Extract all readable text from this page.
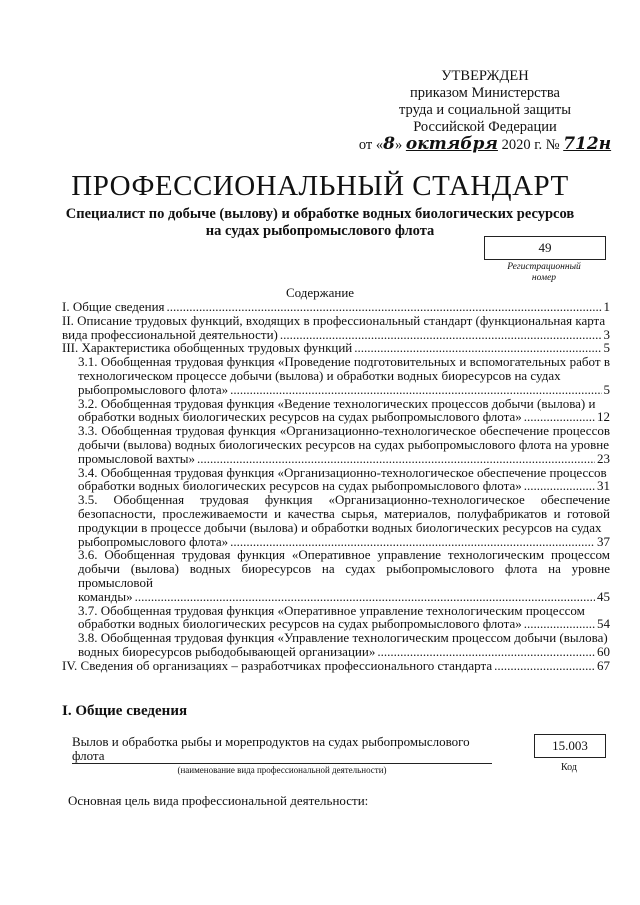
УТВЕРЖДЕН
приказом Министерства
труда и социальной защиты
Российской Федерации
от «8» октября 2020 г. № 712н
ПРОФЕССИОНАЛЬНЫЙ СТАНДАРТ
Специалист по добыче (вылову) и обработке водных биологических ресурсов
на судах рыбопромыслового флота
49
Регистрационный
номер
Содержание
I. Общие сведения .....	1
II. Описание трудовых функций, входящих в профессиональный стандарт (функциональная карта
вида профессиональной деятельности) .....	3
III. Характеристика обобщенных трудовых функций .....	5
3.1. Обобщенная трудовая функция «Проведение подготовительных и вспомогательных работ в технологическом процессе добычи (вылова) и обработки водных биоресурсов на судах
рыбопромыслового флота» .....	5
3.2. Обобщенная трудовая функция «Ведение технологических процессов добычи (вылова) и
обработки водных биологических ресурсов на судах рыбопромыслового флота» .....	12
3.3. Обобщенная трудовая функция «Организационно-технологическое обеспечение процессов добычи (вылова) водных биологических ресурсов на судах рыбопромыслового флота на уровне
промысловой вахты» .....	23
3.4. Обобщенная трудовая функция «Организационно-технологическое обеспечение процессов
обработки водных биологических ресурсов на судах рыбопромыслового флота» .....	31
3.5. Обобщенная трудовая функция «Организационно-технологическое обеспечение безопасности, прослеживаемости и качества сырья, материалов, полуфабрикатов и готовой продукции в процессе добычи (вылова) и обработки водных биологических ресурсов на судах
рыбопромыслового флота» .....	37
3.6. Обобщенная трудовая функция «Оперативное управление технологическим процессом добычи (вылова) водных биоресурсов на судах рыбопромыслового флота на уровне промысловой
команды» .....	45
3.7. Обобщенная трудовая функция «Оперативное управление технологическим процессом
обработки водных биологических ресурсов на судах рыбопромыслового флота» .....	54
3.8. Обобщенная трудовая функция «Управление технологическим процессом добычи (вылова)
водных биоресурсов рыбодобывающей организации» .....	60
IV. Сведения об организациях – разработчиках профессионального стандарта .....	67
I. Общие сведения
Вылов и обработка рыбы и морепродуктов на судах рыбопромыслового флота
(наименование вида профессиональной деятельности)
15.003
Код
Основная цель вида профессиональной деятельности:
